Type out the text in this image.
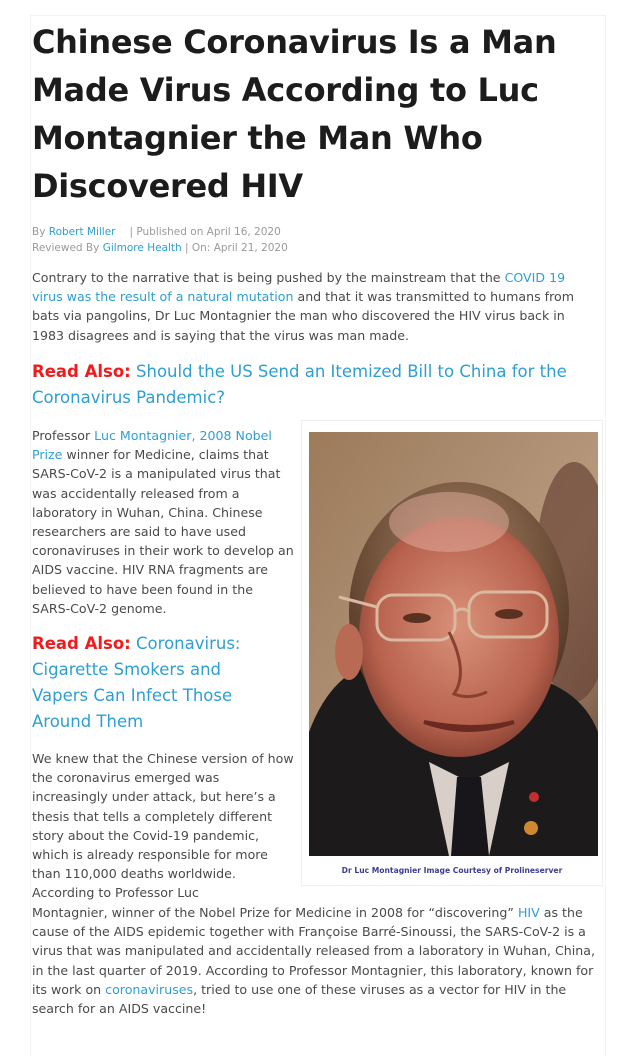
Chinese Coronavirus Is a Man Made Virus According to Luc Montagnier the Man Who Discovered HIV
By Robert Miller | Published on April 16, 2020
Reviewed By Gilmore Health | On: April 21, 2020

Contrary to the narrative that is being pushed by the mainstream that the COVID 19 virus was the result of a natural mutation and that it was transmitted to humans from bats via pangolins, Dr Luc Montagnier the man who discovered the HIV virus back in 1983 disagrees and is saying that the virus was man made.

Read Also: Should the US Send an Itemized Bill to China for the Coronavirus Pandemic?

Professor Luc Montagnier, 2008 Nobel Prize winner for Medicine, claims that SARS-CoV-2 is a manipulated virus that was accidentally released from a laboratory in Wuhan, China. Chinese researchers are said to have used coronaviruses in their work to develop an AIDS vaccine. HIV RNA fragments are believed to have been found in the SARS-CoV-2 genome.

Read Also: Coronavirus: Cigarette Smokers and Vapers Can Infect Those Around Them

We knew that the Chinese version of how the coronavirus emerged was increasingly under attack, but here’s a thesis that tells a completely different story about the Covid-19 pandemic, which is already responsible for more than 110,000 deaths worldwide. According to Professor Luc

Montagnier, winner of the Nobel Prize for Medicine in 2008 for “discovering” HIV as the cause of the AIDS epidemic together with Françoise Barré-Sinoussi, the SARS-CoV-2 is a virus that was manipulated and accidentally released from a laboratory in Wuhan, China, in the last quarter of 2019. According to Professor Montagnier, this laboratory, known for its work on coronaviruses, tried to use one of these viruses as a vector for HIV in the search for an AIDS vaccine!

Dr Luc Montagnier Image Courtesy of Prolineserver
